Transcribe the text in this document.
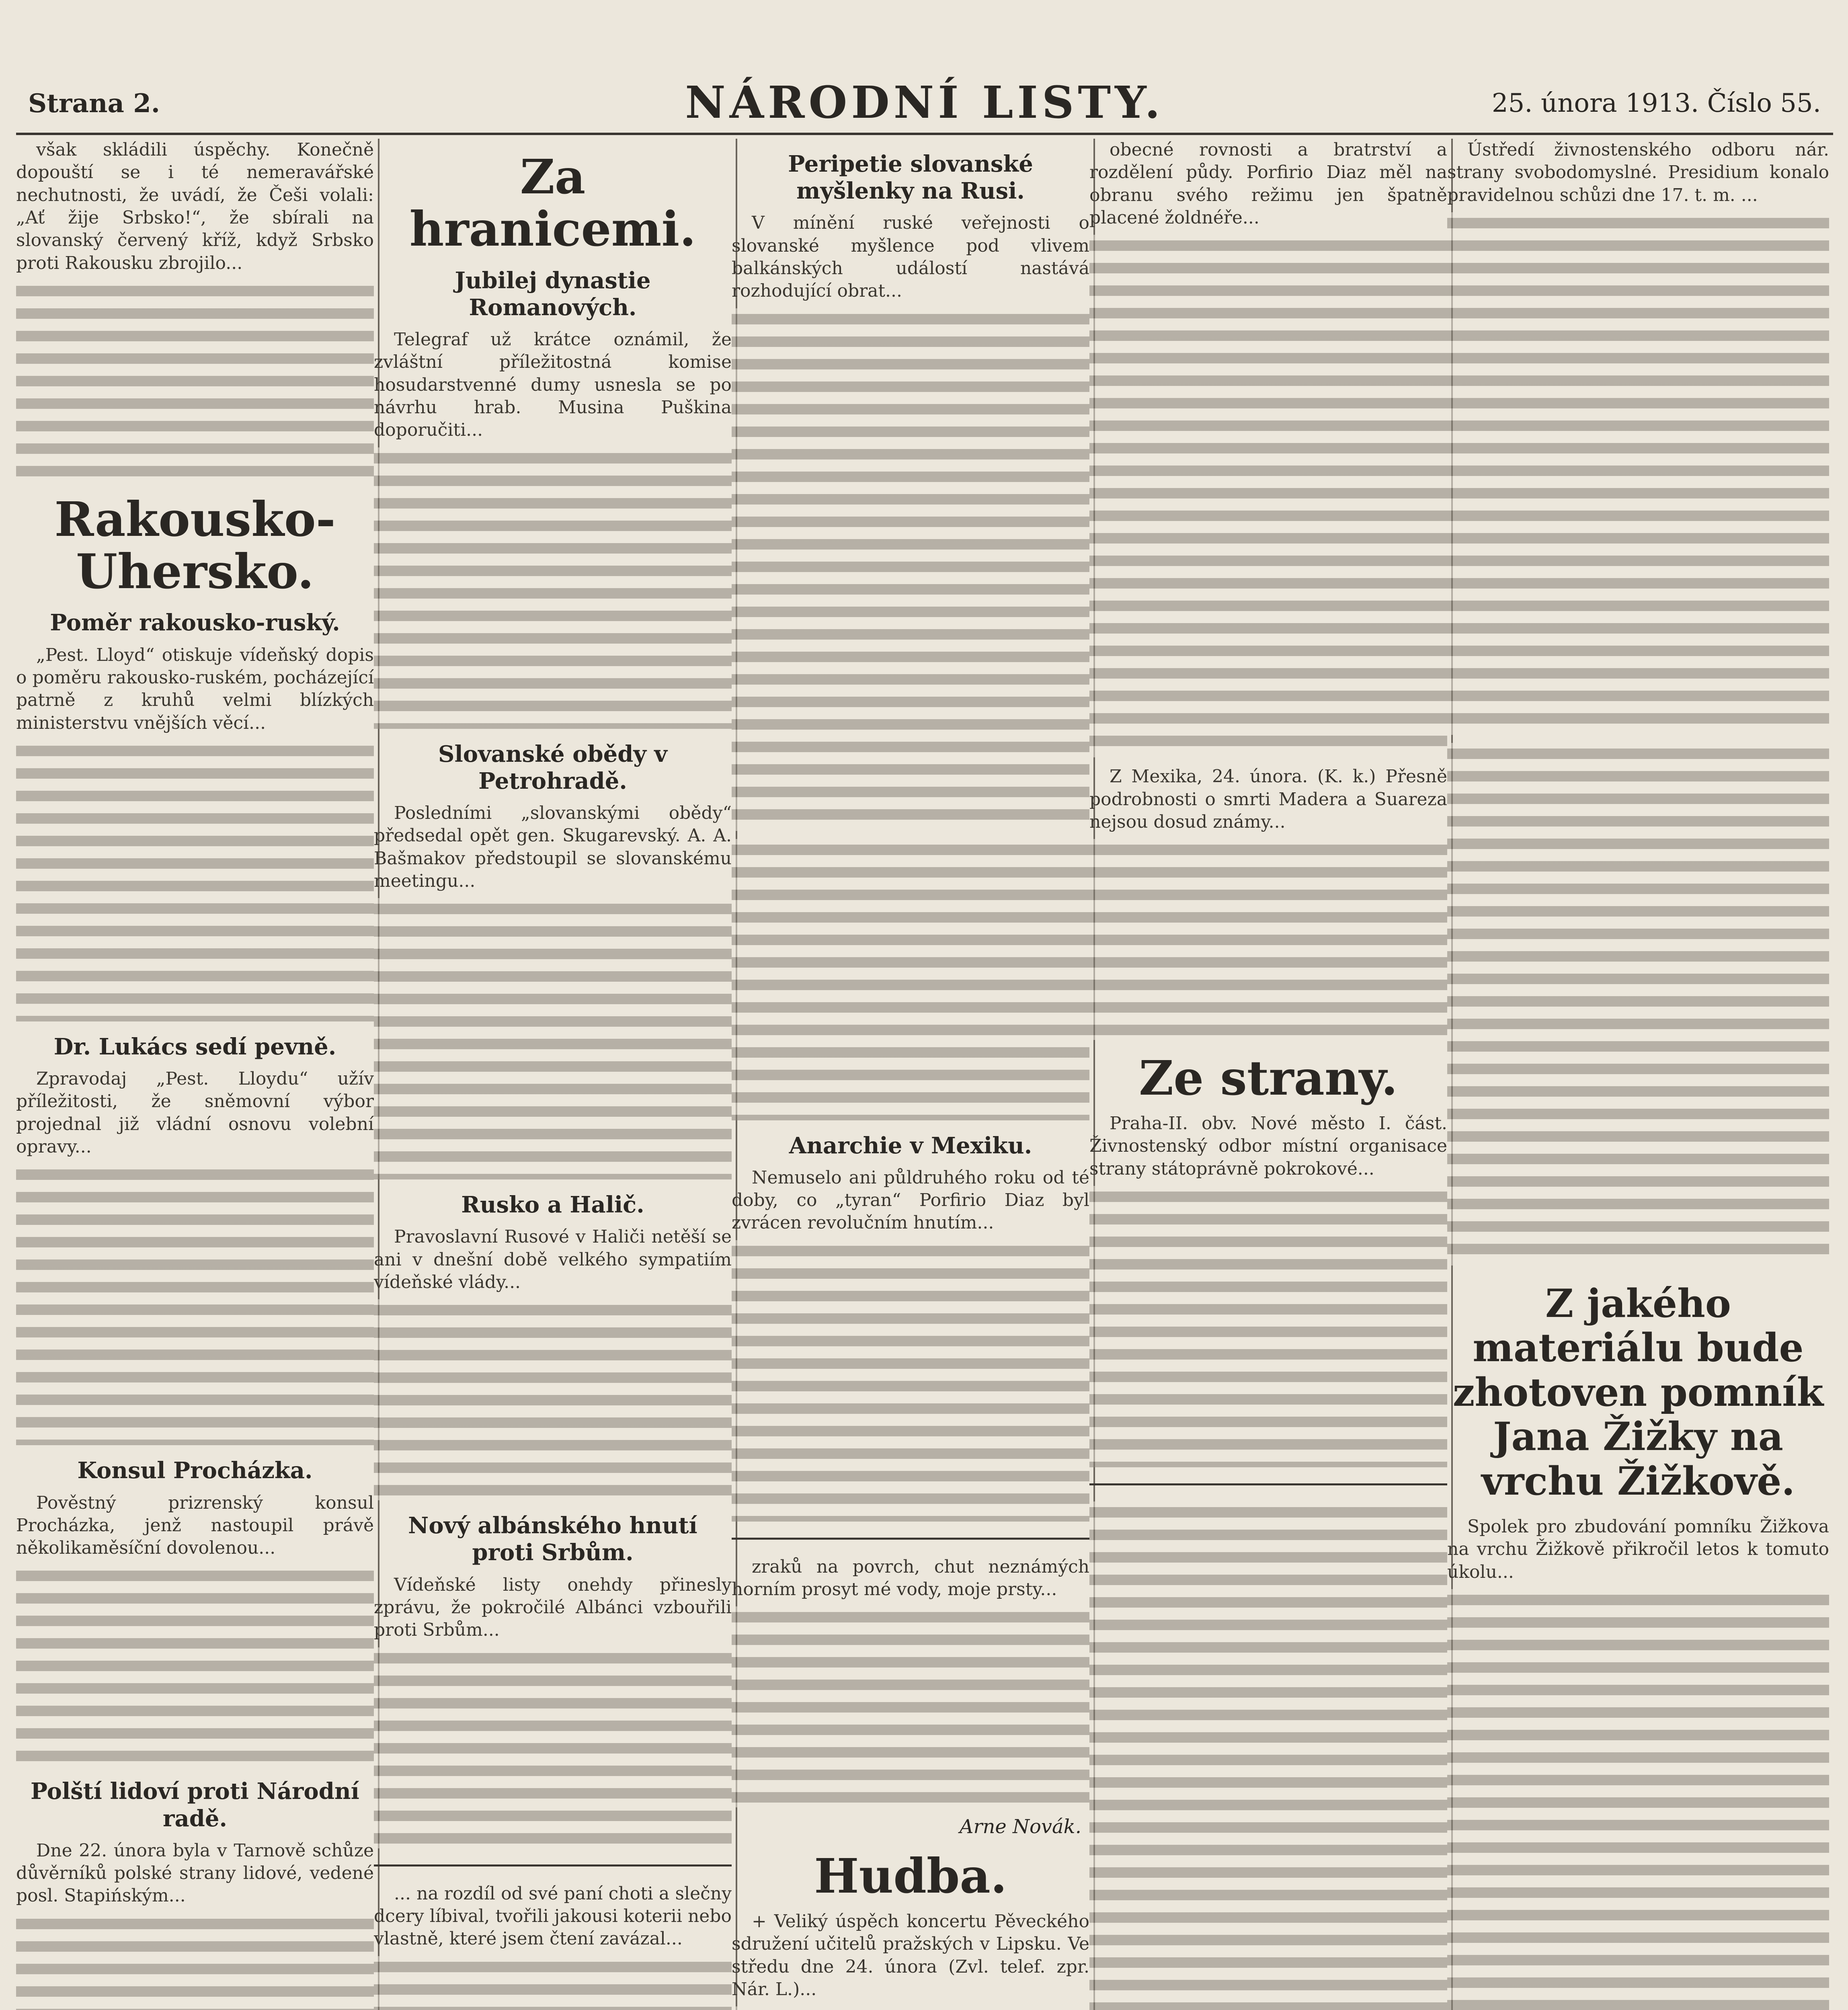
Strana 2.	NÁRODNÍ LISTY.	25. února 1913. Číslo 55.

však skládili úspěchy. Konečně dopouští se i té nemeravářské nechutnosti, že uvádí, že Češi volali: „Ať žije Srbsko!“, že sbírali na slovanský červený kříž, když Srbsko proti Rakousku zbrojilo...

Rakousko-Uhersko.
Poměr rakousko-ruský.

„Pest. Lloyd“ otiskuje vídeňský dopis o poměru rakousko-ruském, pocházející patrně z kruhů velmi blízkých ministerstvu vnějších věcí...

Dr. Lukács sedí pevně.

Zpravodaj „Pest. Lloydu“ užív příležitosti, že sněmovní výbor projednal již vládní osnovu volební opravy...

Konsul Procházka.

Pověstný prizrenský konsul Procházka, jenž nastoupil právě několikaměsíční dovolenou...

Polští lidoví proti Národní radě.

Dne 22. února byla v Tarnově schůze důvěrníků polské strany lidové, vedené posl. Stapińským...

Za hranicemi.
Jubilej dynastie Romanových.

Telegraf už krátce oznámil, že zvláštní příležitostná komise hosudarstvenné dumy usnesla se po návrhu hrab. Musina Puškina doporučiti...

Slovanské obědy v Petrohradě.

Posledními „slovanskými obědy“ předsedal opět gen. Skugarevský. A. A. Bašmakov předstoupil se slovanskému meetingu...

Rusko a Halič.

Pravoslavní Rusové v Haliči netěší se ani v dnešní době velkého sympatiím vídeňské vlády...

Nový albánského hnutí proti Srbům.

Vídeňské listy onehdy přinesly zprávu, že pokročilé Albánci vzbouřili proti Srbům...

... na rozdíl od své paní choti a slečny dcery líbival, tvořili jakousi koterii nebo vlastně, které jsem čtení zavázal...

Peripetie slovanské myšlenky na Rusi.

V mínění ruské veřejnosti o slovanské myšlence pod vlivem balkánských událostí nastává rozhodující obrat...

Anarchie v Mexiku.

Nemuselo ani půldruhého roku od té doby, co „tyran“ Porfirio Diaz byl zvrácen revolučním hnutím...

zraků na povrch, chut neznámých horním prosyt mé vody, moje prsty...

Arne Novák.
Hudba.

+ Veliký úspěch koncertu Pěveckého sdružení učitelů pražských v Lipsku. Ve středu dne 24. února (Zvl. telef. zpr. Nár. L.)...

obecné rovnosti a bratrství a rozdělení půdy. Porfirio Diaz měl na obranu svého režimu jen špatně placené žoldnéře...

Z Mexika, 24. února. (K. k.) Přesně podrobnosti o smrti Madera a Suareza nejsou dosud známy...

Ze strany.

Praha-II. obv. Nové město I. část. Živnostenský odbor místní organisace strany státoprávně pokrokové...

Ústředí živnostenského odboru nár. strany svobodomyslné. Presidium konalo pravidelnou schůzi dne 17. t. m. ...

Z jakého materiálu bude zhotoven pomník Jana Žižky na vrchu Žižkově.

Spolek pro zbudování pomníku Žižkova na vrchu Žižkově přikročil letos k tomuto úkolu...
